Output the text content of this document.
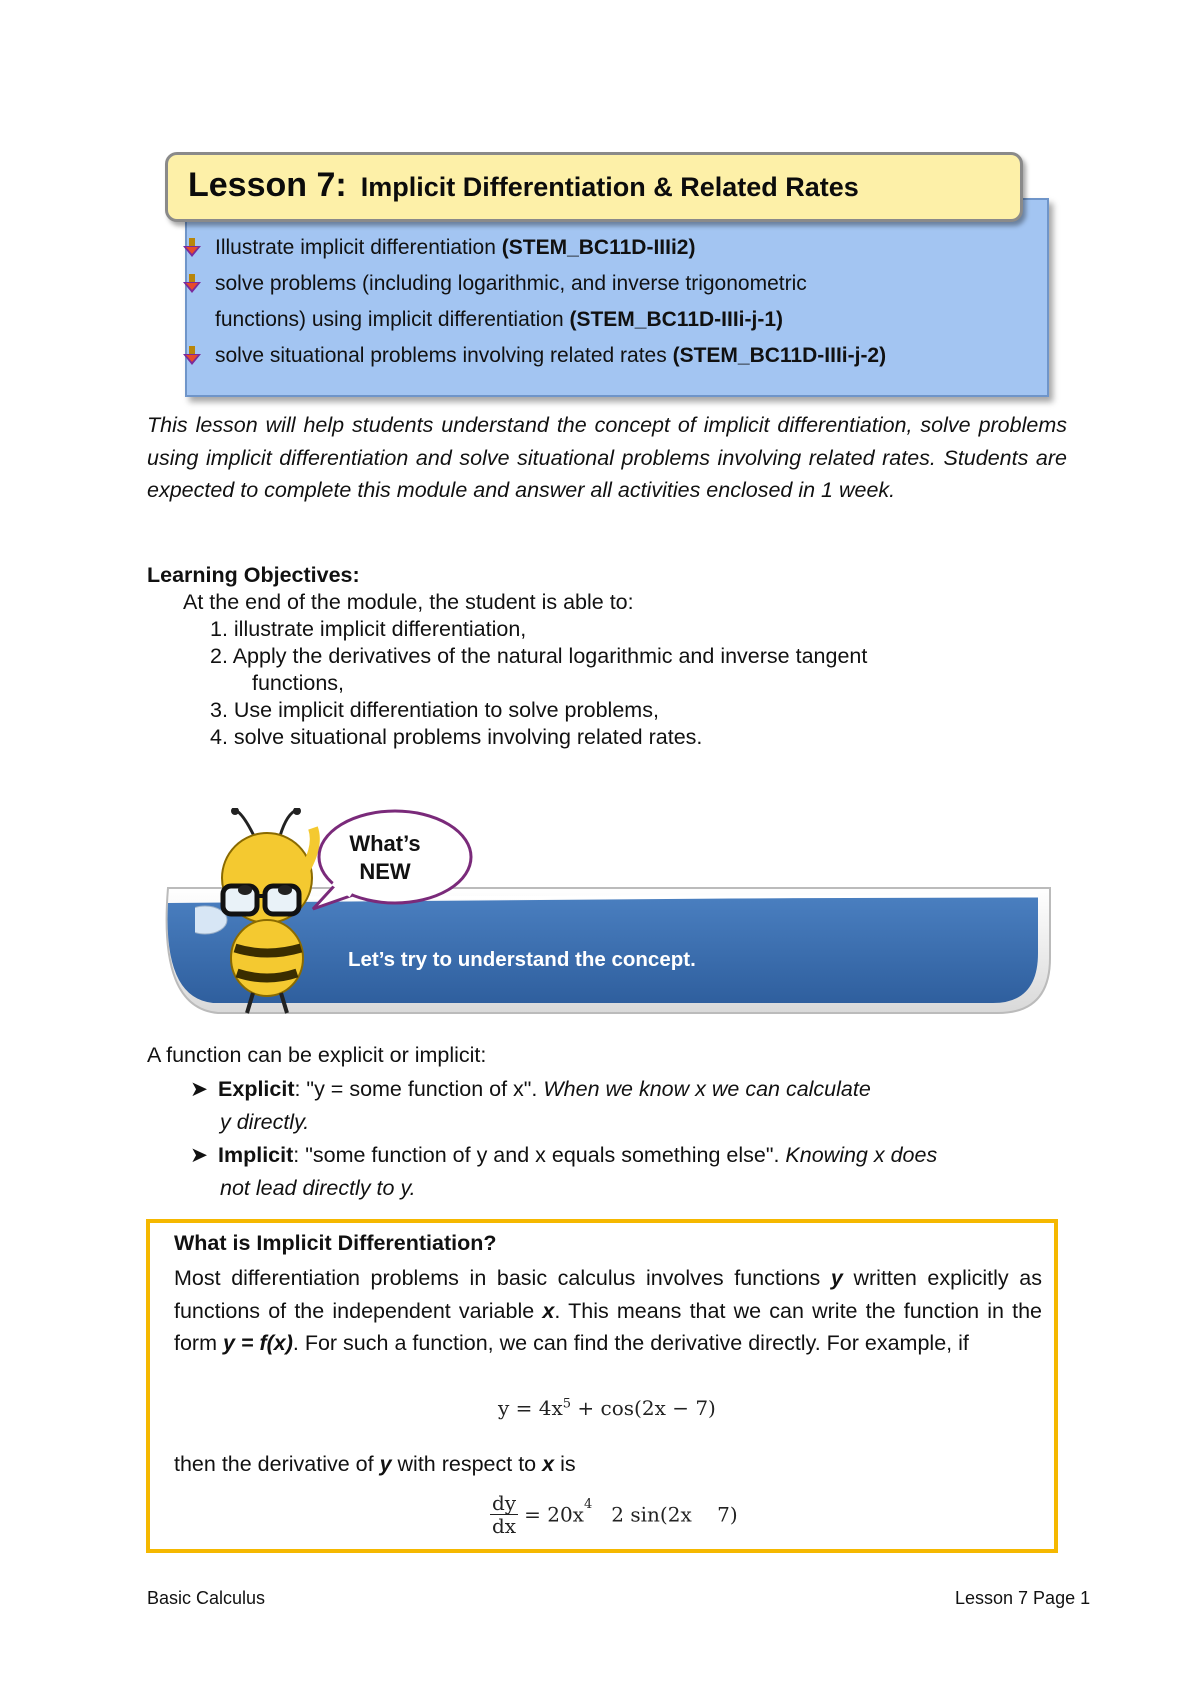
Lesson 7: Implicit Differentiation & Related Rates
Illustrate implicit differentiation (STEM_BC11D-IIIi2)
solve problems (including logarithmic, and inverse trigonometric
functions) using implicit differentiation (STEM_BC11D-IIIi-j-1)
solve situational problems involving related rates (STEM_BC11D-IIIi-j-2)
This lesson will help students understand the concept of implicit differentiation, solve problems using implicit differentiation and solve situational problems involving related rates. Students are expected to complete this module and answer all activities enclosed in 1 week.
Learning Objectives:
At the end of the module, the student is able to:
1. illustrate implicit differentiation,
2. Apply the derivatives of the natural logarithmic and inverse tangent
functions,
3. Use implicit differentiation to solve problems,
4. solve situational problems involving related rates.
What’s
NEW
Let’s try to understand the concept.
A function can be explicit or implicit:
➤ Explicit: "y = some function of x". When we know x we can calculate
y directly.
➤ Implicit: "some function of y and x equals something else". Knowing x does
not lead directly to y.
What is Implicit Differentiation?
Most differentiation problems in basic calculus involves functions y written explicitly as functions of the independent variable x. This means that we can write the function in the form y = f(x). For such a function, we can find the derivative directly. For example, if
$y = 4x^5 + \cos(2x - 7)$
then the derivative of y with respect to x is
$\frac{dy}{dx} = 20x^4$   2 sin(2x    7)
Basic Calculus	Lesson 7 Page 1
